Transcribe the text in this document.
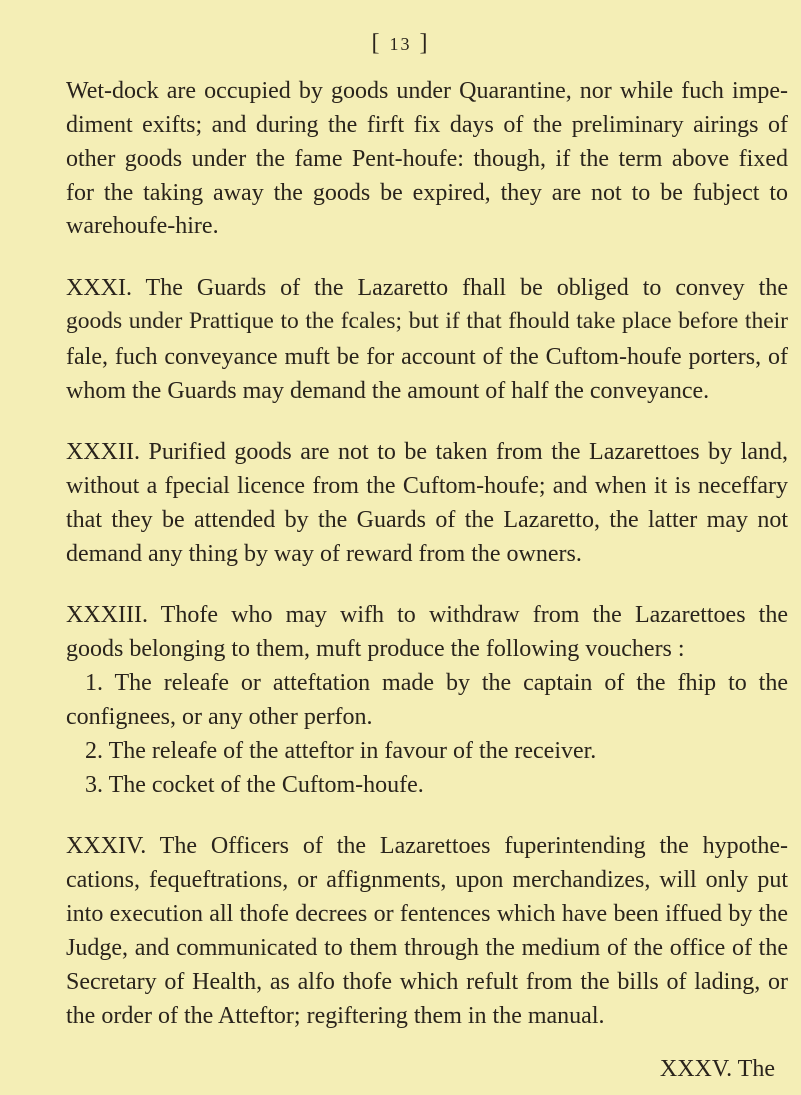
[ 13 ]
Wet-dock are occupied by goods under Quarantine, nor while fuch impe-
diment exifts; and during the firft fix days of the preliminary airings of
other goods under the fame Pent-houfe: though, if the term above fixed
for the taking away the goods be expired, they are not to be fubject to
warehoufe-hire.
XXXI. The Guards of the Lazaretto fhall be obliged to convey the
goods under Prattique to the fcales; but if that fhould take place before their
fale, fuch conveyance muft be for account of the Cuftom-houfe porters, of
whom the Guards may demand the amount of half the conveyance.
XXXII. Purified goods are not to be taken from the Lazarettoes by land,
without a fpecial licence from the Cuftom-houfe; and when it is neceffary
that they be attended by the Guards of the Lazaretto, the latter may not
demand any thing by way of reward from the owners.
XXXIII. Thofe who may wifh to withdraw from the Lazarettoes the
goods belonging to them, muft produce the following vouchers :
1. The releafe or atteftation made by the captain of the fhip to the
confignees, or any other perfon.
2. The releafe of the atteftor in favour of the receiver.
3. The cocket of the Cuftom-houfe.
XXXIV. The Officers of the Lazarettoes fuperintending the hypothe-
cations, fequeftrations, or affignments, upon merchandizes, will only put
into execution all thofe decrees or fentences which have been iffued by the
Judge, and communicated to them through the medium of the office of the
Secretary of Health, as alfo thofe which refult from the bills of lading, or
the order of the Atteftor; regiftering them in the manual.
XXXV. The
